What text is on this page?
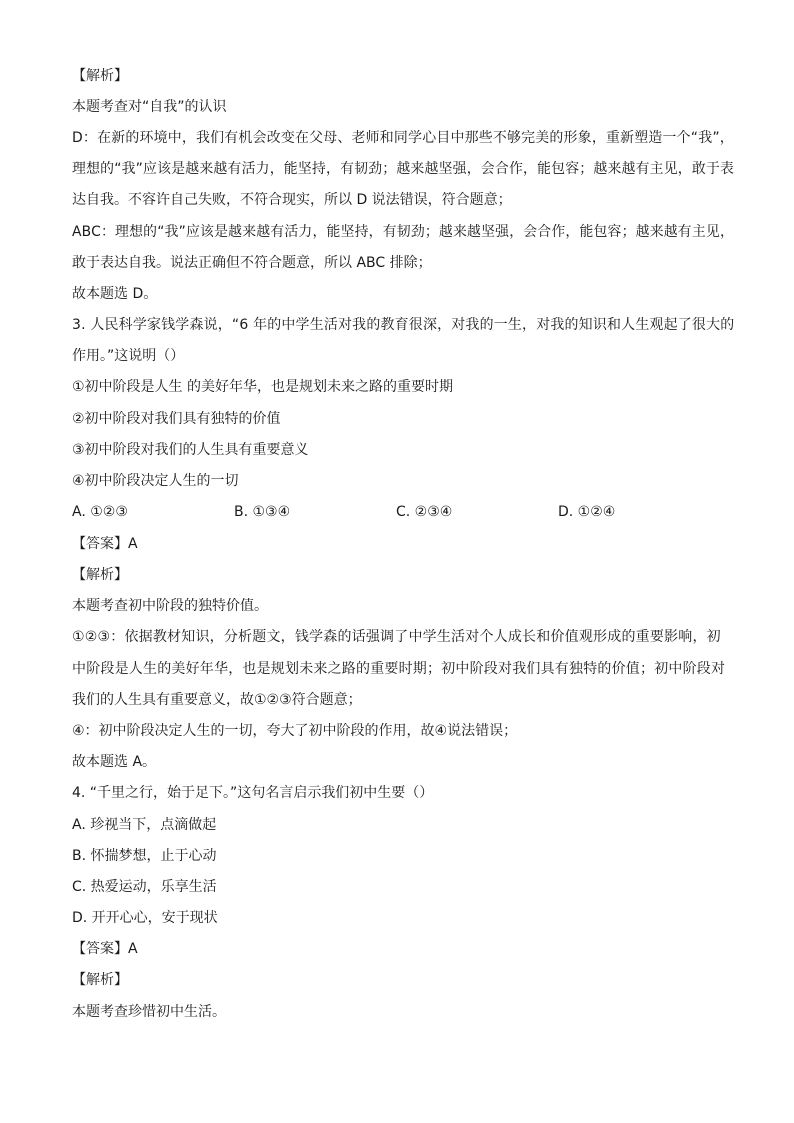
【解析】
本题考查对“自我”的认识
D：在新的环境中，我们有机会改变在父母、老师和同学心目中那些不够完美的形象，重新塑造一个“我”，
理想的“我”应该是越来越有活力，能坚持，有韧劲；越来越坚强，会合作，能包容；越来越有主见，敢于表
达自我。不容许自己失败，不符合现实，所以 D 说法错误，符合题意；
ABC：理想的“我”应该是越来越有活力，能坚持，有韧劲；越来越坚强，会合作，能包容；越来越有主见，
敢于表达自我。说法正确但不符合题意，所以 ABC 排除；
故本题选 D。
3. 人民科学家钱学森说，“6 年的中学生活对我的教育很深，对我的一生，对我的知识和人生观起了很大的
作用。”这说明（）
①初中阶段是人生 的美好年华，也是规划未来之路的重要时期
②初中阶段对我们具有独特的价值
③初中阶段对我们的人生具有重要意义
④初中阶段决定人生的一切
A. ①②③	B. ①③④	C. ②③④	D. ①②④
【答案】A
【解析】
本题考查初中阶段的独特价值。
①②③：依据教材知识，分析题文，钱学森的话强调了中学生活对个人成长和价值观形成的重要影响，初
中阶段是人生的美好年华，也是规划未来之路的重要时期；初中阶段对我们具有独特的价值；初中阶段对
我们的人生具有重要意义，故①②③符合题意；
④：初中阶段决定人生的一切，夸大了初中阶段的作用，故④说法错误；
故本题选 A。
4. “千里之行，始于足下。”这句名言启示我们初中生要（）
A. 珍视当下，点滴做起
B. 怀揣梦想，止于心动
C. 热爱运动，乐享生活
D. 开开心心，安于现状
【答案】A
【解析】
本题考查珍惜初中生活。
